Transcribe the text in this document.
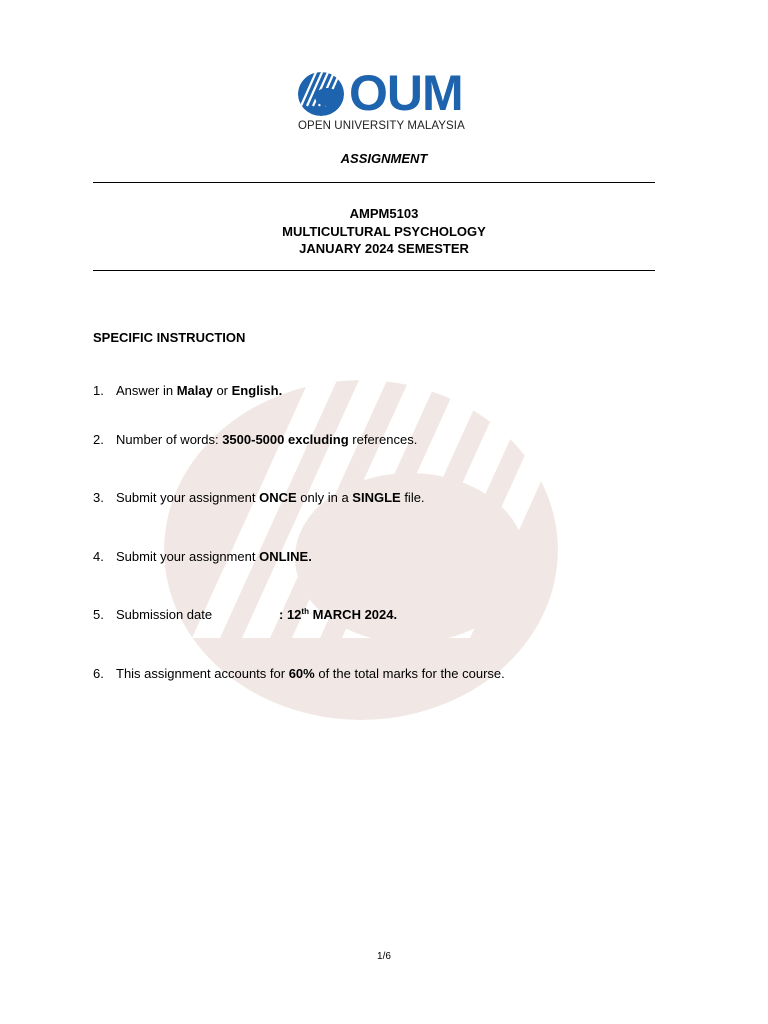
OUM
OPEN UNIVERSITY MALAYSIA
ASSIGNMENT
AMPM5103
MULTICULTURAL PSYCHOLOGY
JANUARY 2024 SEMESTER
SPECIFIC INSTRUCTION
1. Answer in Malay or English.
2. Number of words: 3500-5000 excluding references.
3. Submit your assignment ONCE only in a SINGLE file.
4. Submit your assignment ONLINE.
5. Submission date	: 12th MARCH 2024.
6. This assignment accounts for 60% of the total marks for the course.
1/6
